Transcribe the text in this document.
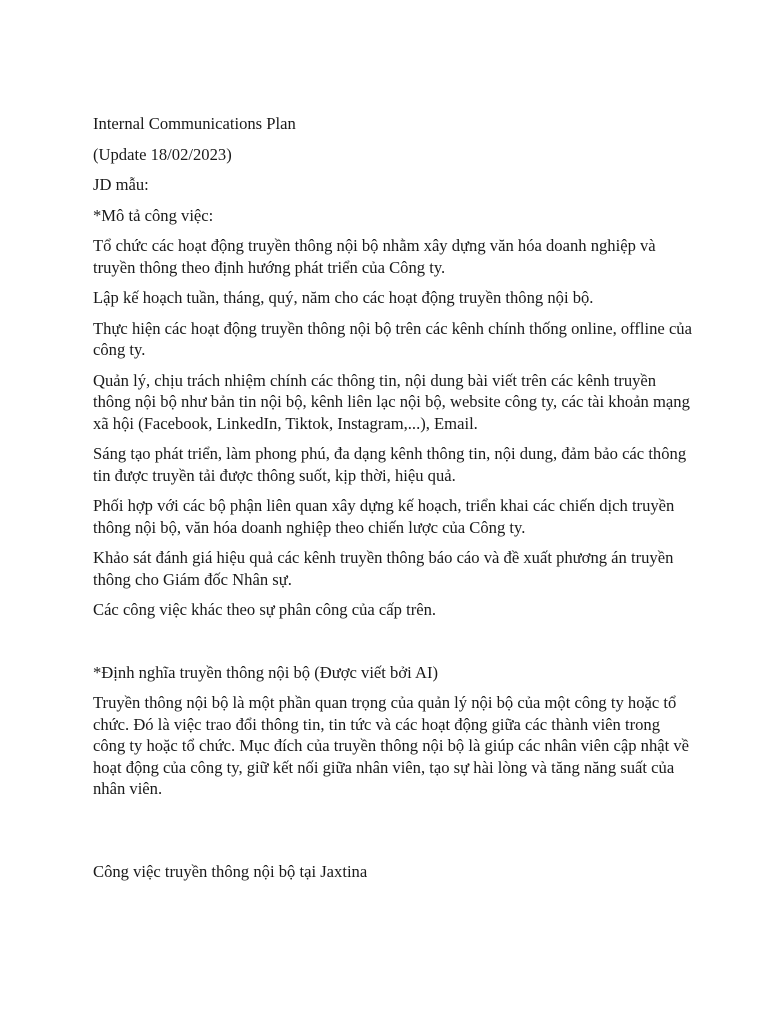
Internal Communications Plan

(Update 18/02/2023)

JD mẫu:

*Mô tả công việc:

Tổ chức các hoạt động truyền thông nội bộ nhằm xây dựng văn hóa doanh nghiệp và truyền thông theo định hướng phát triển của Công ty.

Lập kế hoạch tuần, tháng, quý, năm cho các hoạt động truyền thông nội bộ.

Thực hiện các hoạt động truyền thông nội bộ trên các kênh chính thống online, offline của công ty.

Quản lý, chịu trách nhiệm chính các thông tin, nội dung bài viết trên các kênh truyền thông nội bộ như bản tin nội bộ, kênh liên lạc nội bộ, website công ty, các tài khoản mạng xã hội (Facebook, LinkedIn, Tiktok, Instagram,...), Email.

Sáng tạo phát triển, làm phong phú, đa dạng kênh thông tin, nội dung, đảm bảo các thông tin được truyền tải được thông suốt, kịp thời, hiệu quả.

Phối hợp với các bộ phận liên quan xây dựng kế hoạch, triển khai các chiến dịch truyền thông nội bộ, văn hóa doanh nghiệp theo chiến lược của Công ty.

Khảo sát đánh giá hiệu quả các kênh truyền thông báo cáo và đề xuất phương án truyền thông cho Giám đốc Nhân sự.

Các công việc khác theo sự phân công của cấp trên.

*Định nghĩa truyền thông nội bộ (Được viết bởi AI)

Truyền thông nội bộ là một phần quan trọng của quản lý nội bộ của một công ty hoặc tổ chức. Đó là việc trao đổi thông tin, tin tức và các hoạt động giữa các thành viên trong công ty hoặc tổ chức. Mục đích của truyền thông nội bộ là giúp các nhân viên cập nhật về hoạt động của công ty, giữ kết nối giữa nhân viên, tạo sự hài lòng và tăng năng suất của nhân viên.

Công việc truyền thông nội bộ tại Jaxtina
